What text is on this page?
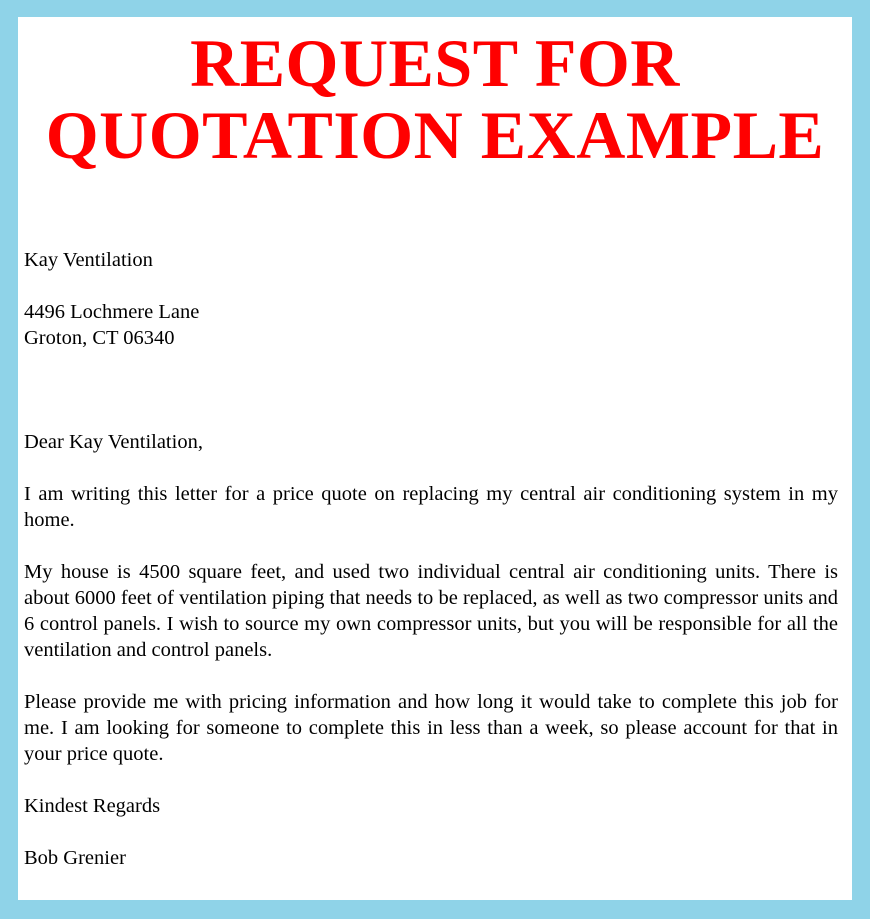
REQUEST FOR
QUOTATION EXAMPLE

Kay Ventilation

4496 Lochmere Lane

Groton, CT 06340

Dear Kay Ventilation,

I am writing this letter for a price quote on replacing my central air conditioning system in my home.

My house is 4500 square feet, and used two individual central air conditioning units. There is about 6000 feet of ventilation piping that needs to be replaced, as well as two compressor units and 6 control panels. I wish to source my own compressor units, but you will be responsible for all the ventilation and control panels.

Please provide me with pricing information and how long it would take to complete this job for me. I am looking for someone to complete this in less than a week, so please account for that in your price quote.

Kindest Regards

Bob Grenier
